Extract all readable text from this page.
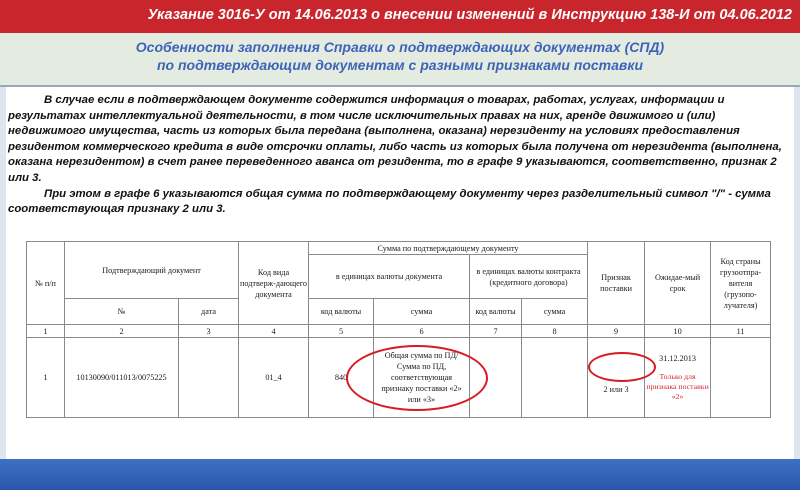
Указание 3016-У от 14.06.2013 о внесении изменений в Инструкцию 138-И от 04.06.2012
Особенности заполнения Справки о подтверждающих документах (СПД)
по подтверждающим документам с разными признаками поставки

В случае если в подтверждающем документе содержится информация о товарах, работах, услугах, информации и результатах интеллектуальной деятельности, в том числе исключительных правах на них, аренде движимого и (или) недвижимого имущества, часть из которых была передана (выполнена, оказана) нерезиденту на условиях предоставления резидентом коммерческого кредита в виде отсрочки оплаты, либо часть из которых была получена от нерезидента (выполнена, оказана нерезидентом) в счет ранее переведенного аванса от резидента, то в графе 9 указываются, соответственно, признак 2 или 3.

При этом в графе 6 указываются общая сумма по подтверждающему документу через разделительный символ "/" - сумма соответствующая признаку 2 или 3.

№ п/п	Подтверждающий документ		Код вида подтверж-дающего документа	Сумма по подтверждающему документу				Признак поставки	Ожидае-мый срок	Код страны грузоотпра-вителя (грузопо-лучателя)
				в единицах валюты документа		в единицах валюты контракта (кредитного договора)				
	№	дата		код валюты	сумма	код валюты	сумма			
1	2	3	4	5	6	7	8	9	10	11
1	10130090/011013/0075225		01_4	840	Общая сумма по ПД/ Сумма по ПД, соответствующая признаку поставки «2» или «3»			2 или 3	31.12.2013
Только для признака поставки «2»	
